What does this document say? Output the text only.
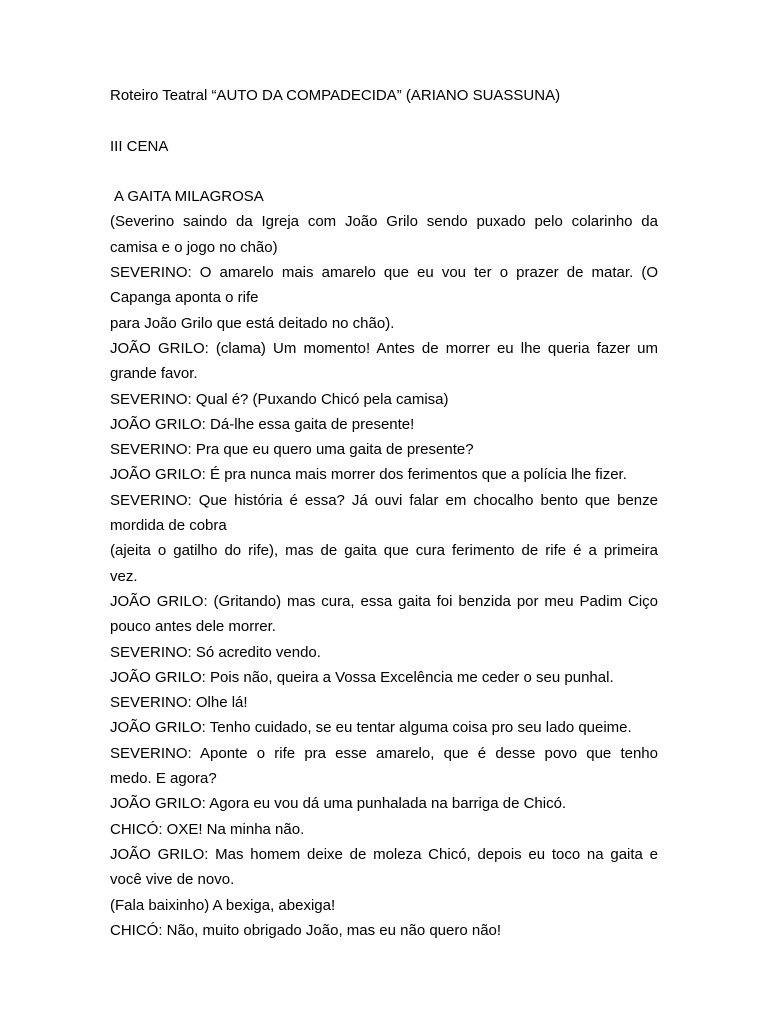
Roteiro Teatral “AUTO DA COMPADECIDA” (ARIANO SUASSUNA)
III CENA
A GAITA MILAGROSA
(Severino saindo da Igreja com João Grilo sendo puxado pelo colarinho da
camisa e o jogo no chão)
SEVERINO: O amarelo mais amarelo que eu vou ter o prazer de matar. (O
Capanga aponta o rife
para João Grilo que está deitado no chão).
JOÃO GRILO: (clama) Um momento! Antes de morrer eu lhe queria fazer um
grande favor.
SEVERINO: Qual é? (Puxando Chicó pela camisa)
JOÃO GRILO: Dá-lhe essa gaita de presente!
SEVERINO: Pra que eu quero uma gaita de presente?
JOÃO GRILO: É pra nunca mais morrer dos ferimentos que a polícia lhe fizer.
SEVERINO: Que história é essa? Já ouvi falar em chocalho bento que benze
mordida de cobra
(ajeita o gatilho do rife), mas de gaita que cura ferimento de rife é a primeira
vez.
JOÃO GRILO: (Gritando) mas cura, essa gaita foi benzida por meu Padim Ciço
pouco antes dele morrer.
SEVERINO: Só acredito vendo.
JOÃO GRILO: Pois não, queira a Vossa Excelência me ceder o seu punhal.
SEVERINO: Olhe lá!
JOÃO GRILO: Tenho cuidado, se eu tentar alguma coisa pro seu lado queime.
SEVERINO: Aponte o rife pra esse amarelo, que é desse povo que tenho
medo. E agora?
JOÃO GRILO: Agora eu vou dá uma punhalada na barriga de Chicó.
CHICÓ: OXE! Na minha não.
JOÃO GRILO: Mas homem deixe de moleza Chicó, depois eu toco na gaita e
você vive de novo.
(Fala baixinho) A bexiga, abexiga!
CHICÓ: Não, muito obrigado João, mas eu não quero não!
